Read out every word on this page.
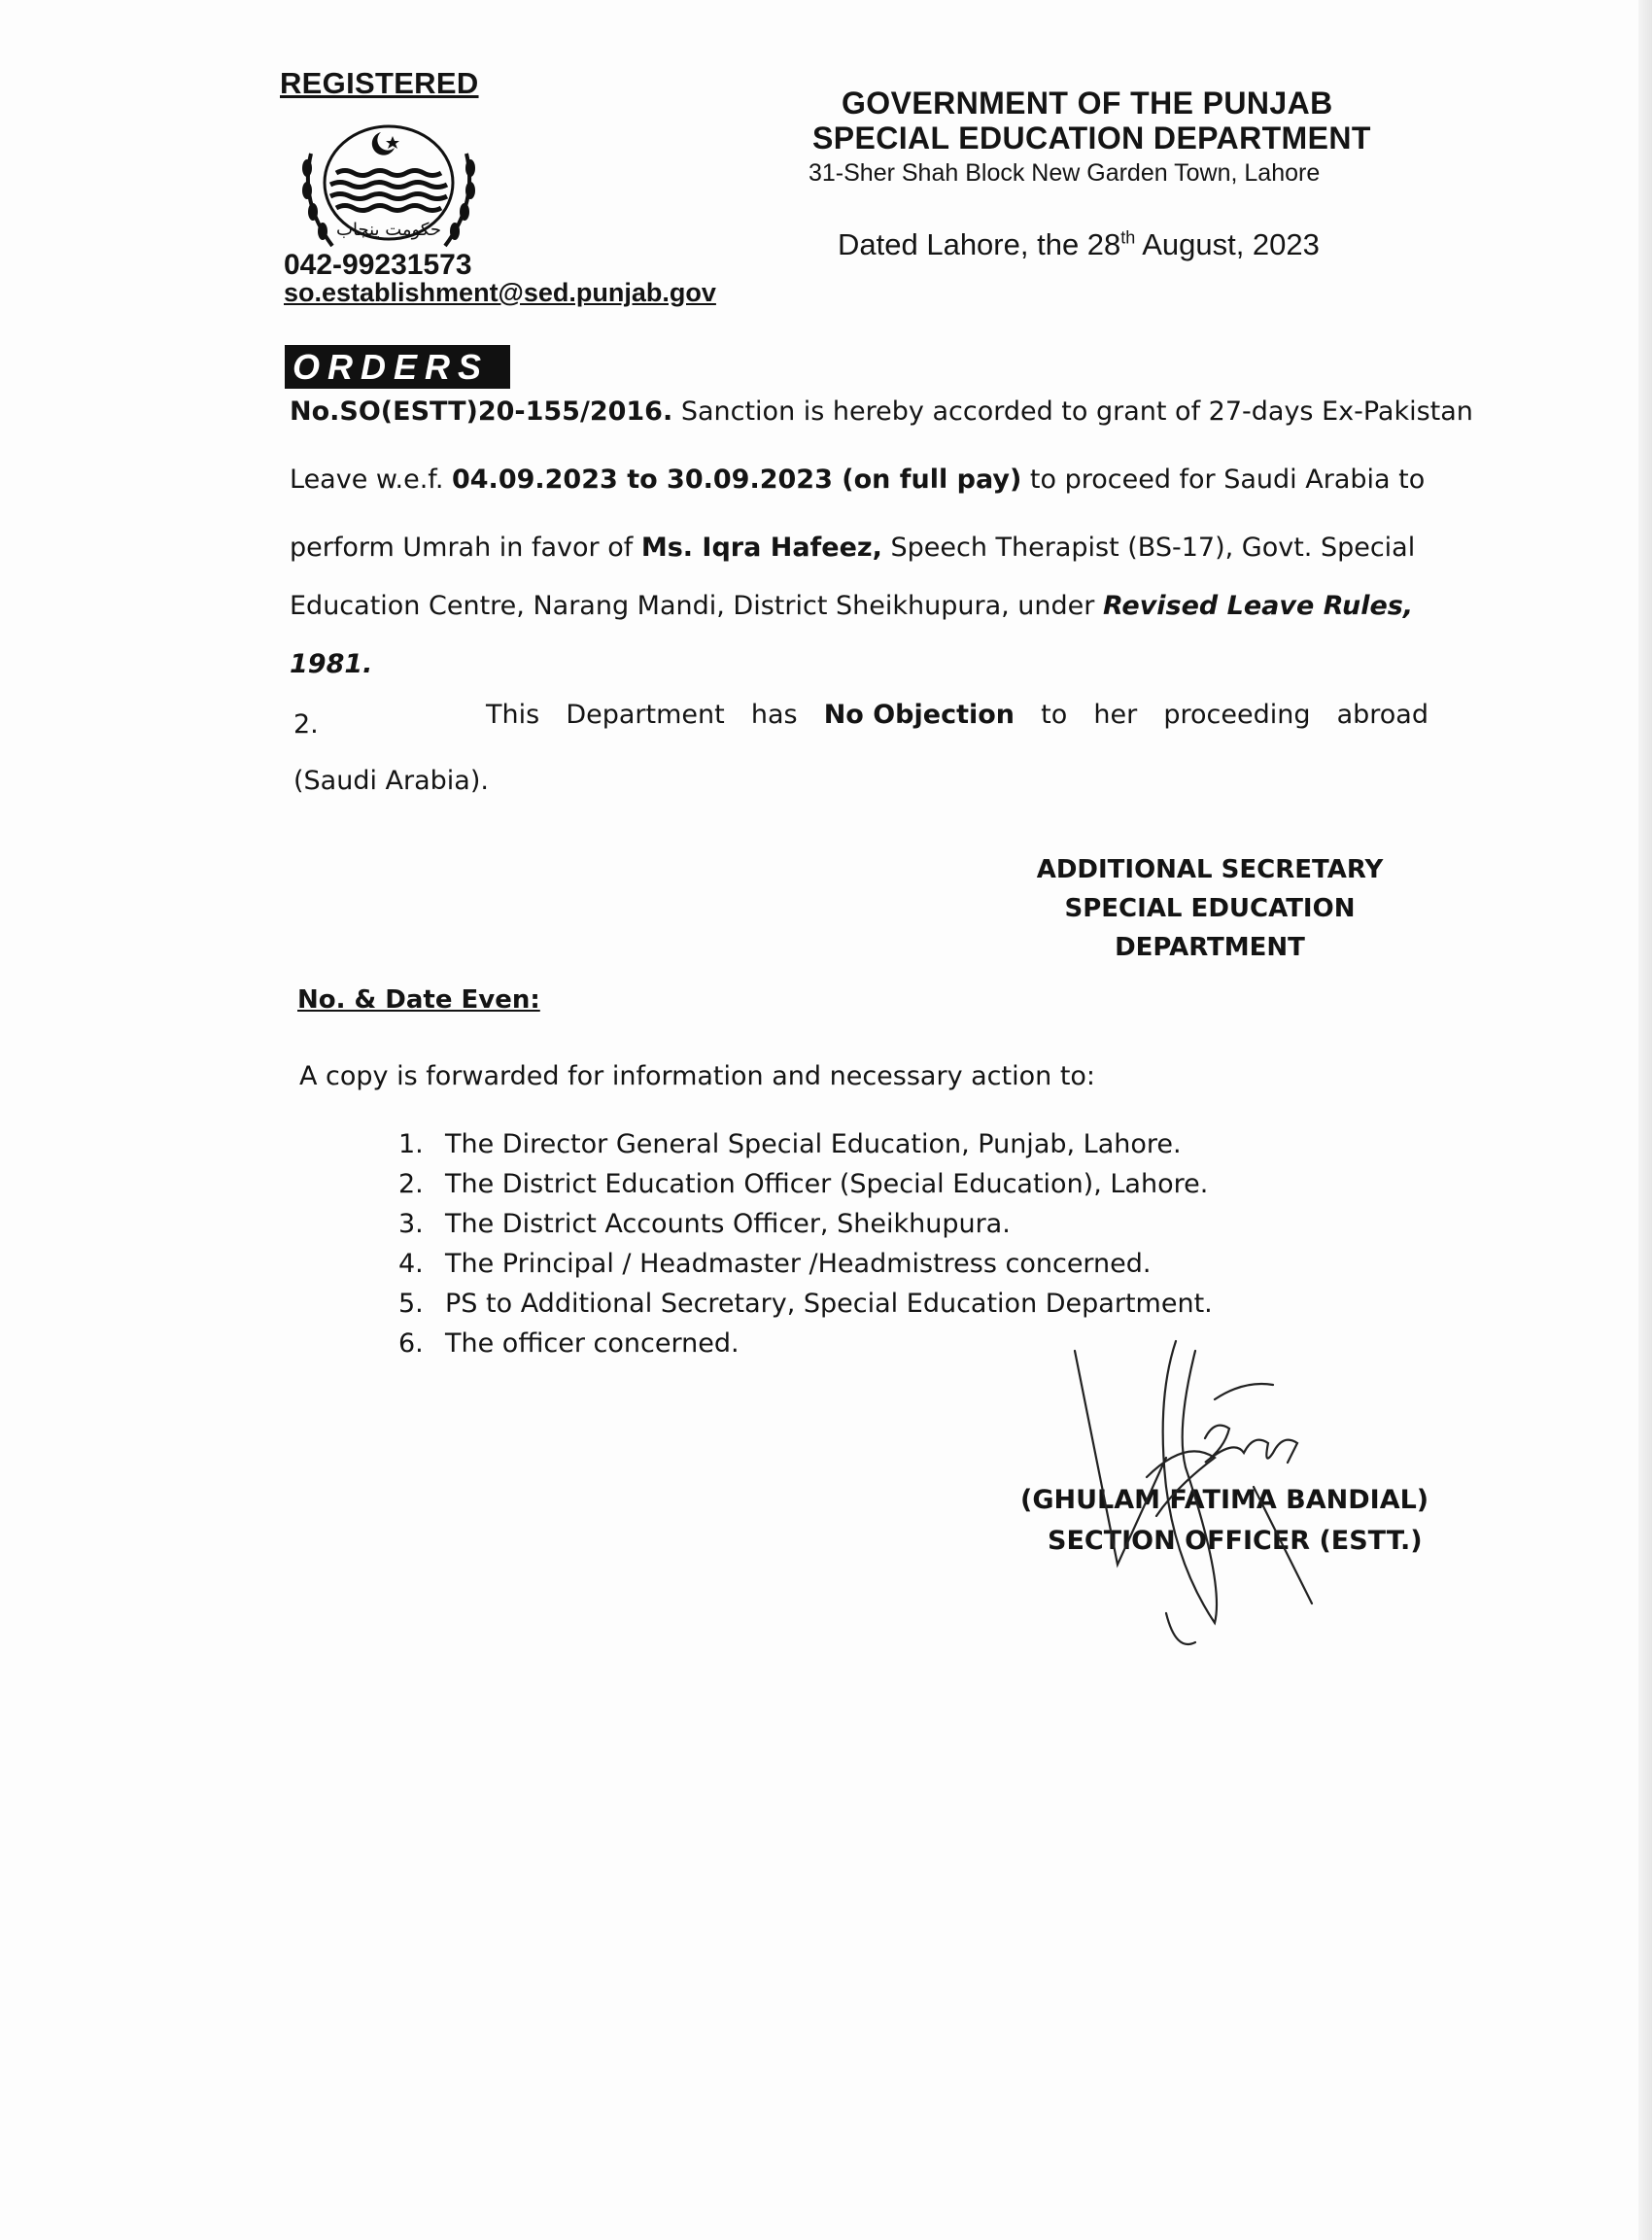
REGISTERED
حکومت پنجاب
042-99231573
so.establishment@sed.punjab.gov
GOVERNMENT OF THE PUNJAB
SPECIAL EDUCATION DEPARTMENT
31-Sher Shah Block New Garden Town, Lahore
Dated Lahore, the 28th August, 2023
ORDERS
No.SO(ESTT)20-155/2016. Sanction is hereby accorded to grant of 27-days Ex-Pakistan
Leave w.e.f. 04.09.2023 to 30.09.2023 (on full pay) to proceed for Saudi Arabia to
perform Umrah in favor of Ms. Iqra Hafeez, Speech Therapist (BS-17), Govt. Special
Education Centre, Narang Mandi, District Sheikhupura, under Revised Leave Rules,
1981.
2.	This Department has No Objection to her proceeding abroad
(Saudi Arabia).
ADDITIONAL SECRETARY
SPECIAL EDUCATION
DEPARTMENT
No. & Date Even:
A copy is forwarded for information and necessary action to:
1. The Director General Special Education, Punjab, Lahore.
2. The District Education Officer (Special Education), Lahore.
3. The District Accounts Officer, Sheikhupura.
4. The Principal / Headmaster /Headmistress concerned.
5. PS to Additional Secretary, Special Education Department.
6. The officer concerned.
(GHULAM FATIMA BANDIAL)
SECTION OFFICER (ESTT.)
